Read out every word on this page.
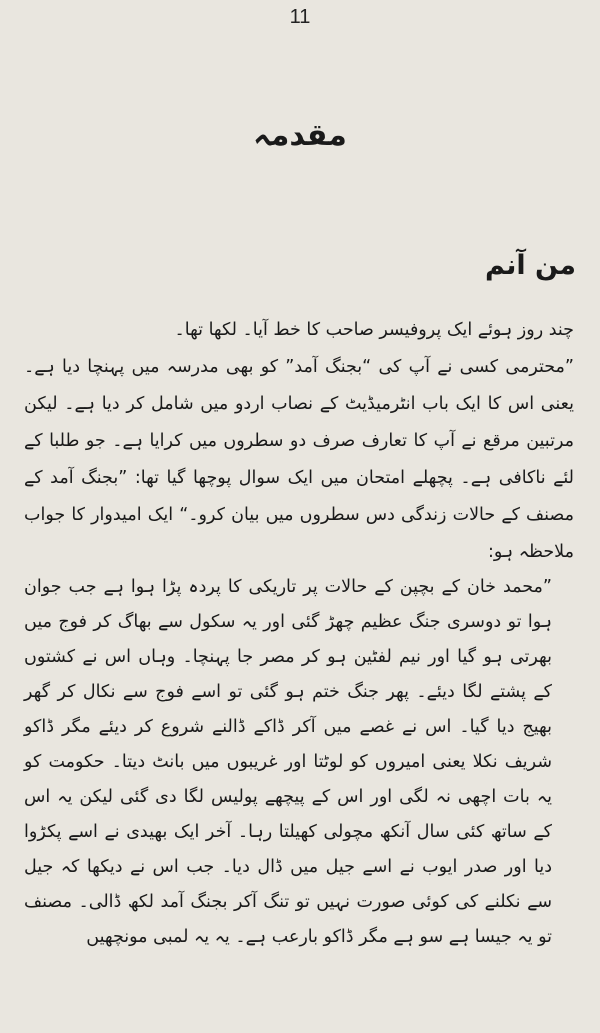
11
مقدمہ
من آنم

چند روز ہوئے ایک پروفیسر صاحب کا خط آیا۔ لکھا تھا۔

”محترمی کسی نے آپ کی “بجنگ آمد” کو بھی مدرسہ میں پہنچا دیا ہے۔ یعنی اس کا ایک باب انٹرمیڈیٹ کے نصاب اردو میں شامل کر دیا ہے۔ لیکن مرتبین مرقع نے آپ کا تعارف صرف دو سطروں میں کرایا ہے۔ جو طلبا کے لئے ناکافی ہے۔ پچھلے امتحان میں ایک سوال پوچھا گیا تھا: ”بجنگ آمد کے مصنف کے حالات زندگی دس سطروں میں بیان کرو۔“ ایک امیدوار کا جواب ملاحظہ ہو:

”محمد خان کے بچپن کے حالات پر تاریکی کا پردہ پڑا ہوا ہے جب جوان ہوا تو دوسری جنگ عظیم چھڑ گئی اور یہ سکول سے بھاگ کر فوج میں بھرتی ہو گیا اور نیم لفٹین ہو کر مصر جا پہنچا۔ وہاں اس نے کشتوں کے پشتے لگا دیئے۔ پھر جنگ ختم ہو گئی تو اسے فوج سے نکال کر گھر بھیج دیا گیا۔ اس نے غصے میں آکر ڈاکے ڈالنے شروع کر دیئے مگر ڈاکو شریف نکلا یعنی امیروں کو لوٹتا اور غریبوں میں بانٹ دیتا۔ حکومت کو یہ بات اچھی نہ لگی اور اس کے پیچھے پولیس لگا دی گئی لیکن یہ اس کے ساتھ کئی سال آنکھ مچولی کھیلتا رہا۔ آخر ایک بھیدی نے اسے پکڑوا دیا اور صدر ایوب نے اسے جیل میں ڈال دیا۔ جب اس نے دیکھا کہ جیل سے نکلنے کی کوئی صورت نہیں تو تنگ آکر بجنگ آمد لکھ ڈالی۔ مصنف تو یہ جیسا ہے سو ہے مگر ڈاکو بارعب ہے۔ یہ یہ لمبی مونچھیں
